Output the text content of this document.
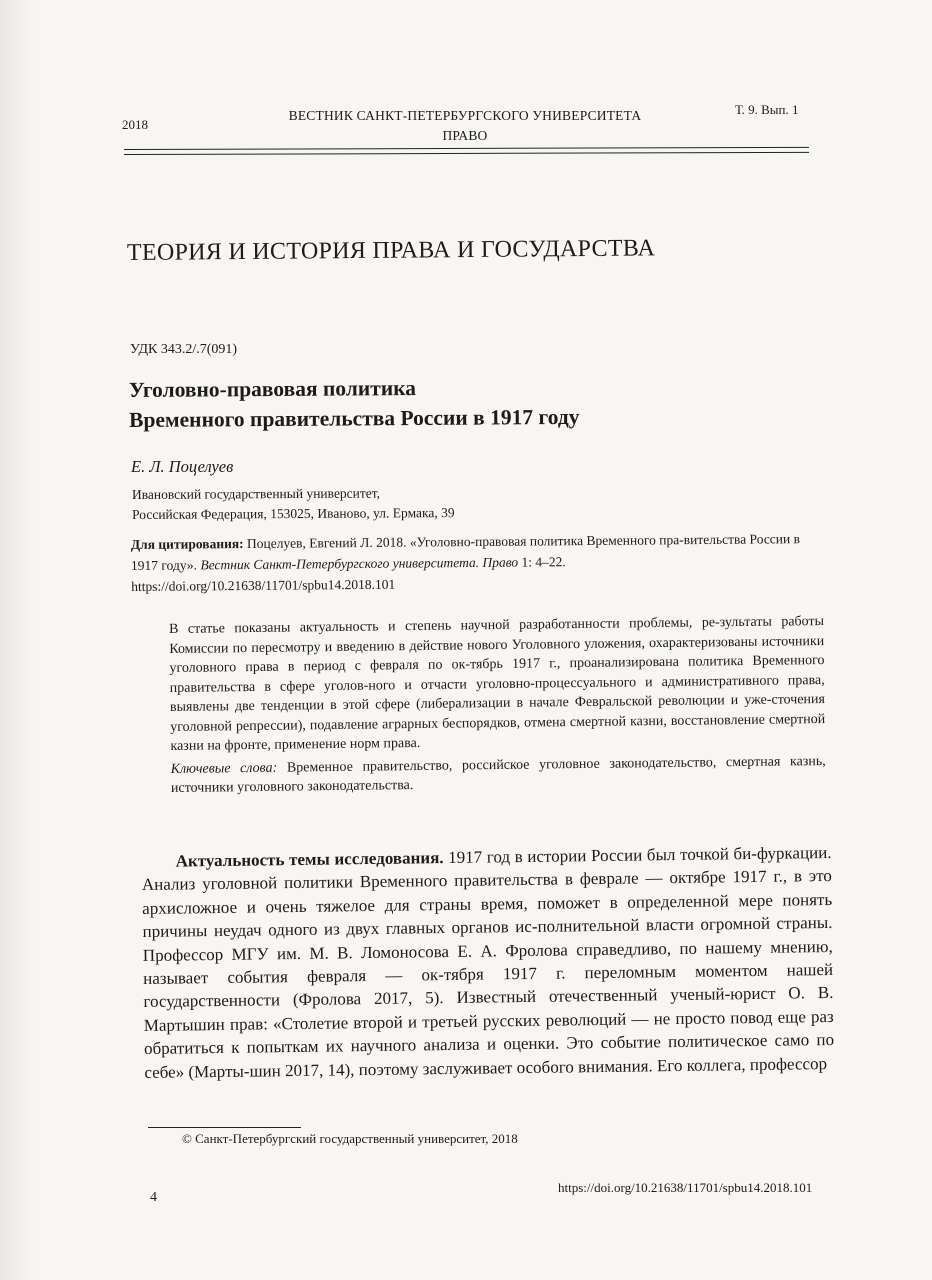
2018
ВЕСТНИК САНКТ-ПЕТЕРБУРГСКОГО УНИВЕРСИТЕТА
ПРАВО
Т. 9. Вып. 1
ТЕОРИЯ И ИСТОРИЯ ПРАВА И ГОСУДАРСТВА
УДК 343.2/.7(091)
Уголовно-правовая политика
Временного правительства России в 1917 году
Е. Л. Поцелуев
Ивановский государственный университет,
Российская Федерация, 153025, Иваново, ул. Ермака, 39
Для цитирования: Поцелуев, Евгений Л. 2018. «Уголовно-правовая политика Временного пра-вительства России в 1917 году». Вестник Санкт-Петербургского университета. Право 1: 4–22. https://doi.org/10.21638/11701/spbu14.2018.101

В статье показаны актуальность и степень научной разработанности проблемы, ре-зультаты работы Комиссии по пересмотру и введению в действие нового Уголовного уложения, охарактеризованы источники уголовного права в период с февраля по ок-тябрь 1917 г., проанализирована политика Временного правительства в сфере уголов-ного и отчасти уголовно-процессуального и административного права, выявлены две тенденции в этой сфере (либерализации в начале Февральской революции и уже-сточения уголовной репрессии), подавление аграрных беспорядков, отмена смертной казни, восстановление смертной казни на фронте, применение норм права.

Ключевые слова: Временное правительство, российское уголовное законодательство, смертная казнь, источники уголовного законодательства.

Актуальность темы исследования. 1917 год в истории России был точкой би-фуркации. Анализ уголовной политики Временного правительства в феврале — октябре 1917 г., в это архисложное и очень тяжелое для страны время, поможет в определенной мере понять причины неудач одного из двух главных органов ис-полнительной власти огромной страны. Профессор МГУ им. М. В. Ломоносова Е. А. Фролова справедливо, по нашему мнению, называет события февраля — ок-тября 1917 г. переломным моментом нашей государственности (Фролова 2017, 5). Известный отечественный ученый-юрист О. В. Мартышин прав: «Столетие второй и третьей русских революций — не просто повод еще раз обратиться к попыткам их научного анализа и оценки. Это событие политическое само по себе» (Марты-шин 2017, 14), поэтому заслуживает особого внимания. Его коллега, профессор

© Санкт-Петербургский государственный университет, 2018
4
https://doi.org/10.21638/11701/spbu14.2018.101
